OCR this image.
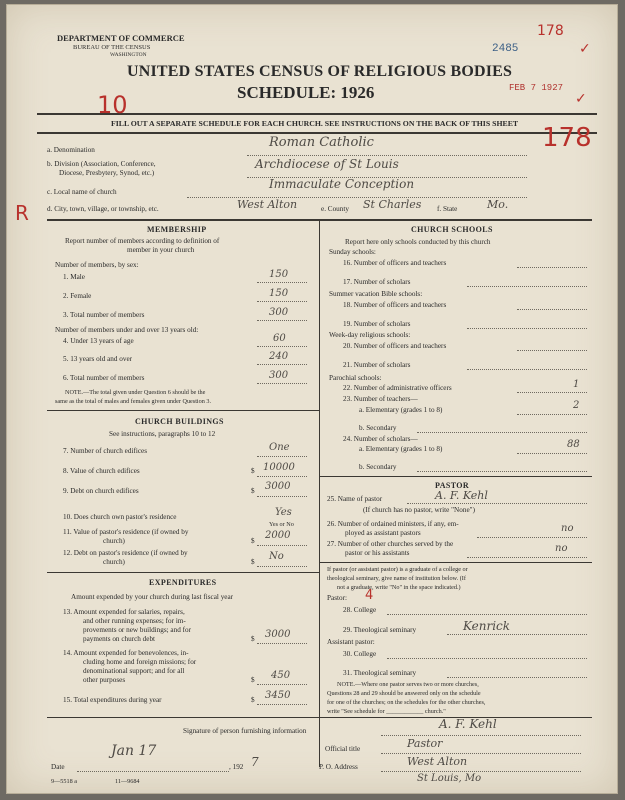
DEPARTMENT OF COMMERCE
BUREAU OF THE CENSUS
WASHINGTON
UNITED STATES CENSUS OF RELIGIOUS BODIES
SCHEDULE: 1926
FILL OUT A SEPARATE SCHEDULE FOR EACH CHURCH. SEE INSTRUCTIONS ON THE BACK OF THIS SHEET
2485
FEB 7 1927
178
✓
✓
178
10
R
a. Denomination	Roman Catholic
b. Division (Association, Conference,
Diocese, Presbytery, Synod, etc.)
Archdiocese of St Louis
c. Local name of church
Immaculate Conception
d. City, town, village, or township, etc.	West Alton	e. County St Charles f. State	Mo.
MEMBERSHIP
Report number of members according to definition of
member in your church
Number of members, by sex:
1. Male	150
2. Female	150
3. Total number of members	300
Number of members under and over 13 years old:
4. Under 13 years of age	60
5. 13 years old and over	240
6. Total number of members	300
NOTE.—The total given under Question 6 should be the
same as the total of males and females given under Question 3.
CHURCH BUILDINGS
See instructions, paragraphs 10 to 12
7. Number of church edifices	One
8. Value of church edifices	$ 10000
9. Debt on church edifices	$ 3000
10. Does church own pastor's residence	Yes
Yes or No
11. Value of pastor's residence (if owned by
church)	$ 2000
12. Debt on pastor's residence (if owned by
church)	$ No
EXPENDITURES
Amount expended by your church during last fiscal year
13. Amount expended for salaries, repairs,
and other running expenses; for im-
provements or new buildings; and for
payments on church debt	$ 3000
14. Amount expended for benevolences, in-
cluding home and foreign missions; for
denominational support; and for all
other purposes	$ 450
15. Total expenditures during year	$ 3450
CHURCH SCHOOLS
Report here only schools conducted by this church
Sunday schools:
16. Number of officers and teachers
17. Number of scholars
Summer vacation Bible schools:
18. Number of officers and teachers
19. Number of scholars
Week-day religious schools:
20. Number of officers and teachers
21. Number of scholars
Parochial schools:
22. Number of administrative officers	1
23. Number of teachers—
a. Elementary (grades 1 to 8)	2
b. Secondary
24. Number of scholars—
a. Elementary (grades 1 to 8)	88
b. Secondary
PASTOR
25. Name of pastor	A. F. Kehl
(If church has no pastor, write "None")
26. Number of ordained ministers, if any, em-
ployed as assistant pastors	no
27. Number of other churches served by the
pastor or his assistants	no
If pastor (or assistant pastor) is a graduate of a college or
theological seminary, give name of institution below. (If
not a graduate, write "No" in the space indicated.)
Pastor: 4
28. College
29. Theological seminary	Kenrick
Assistant pastor:
30. College
31. Theological seminary
NOTE.—Where one pastor serves two or more churches,
Questions 28 and 29 should be answered only on the schedule
for one of the churches; on the schedules for the other churches,
write "See schedule for ____________ church."
Signature of person furnishing information	A. F. Kehl
Official title	Pastor
Date
Jan 17
, 192 7	P. O. Address	West Alton
St Louis, Mo
9—5518 a	11—9684
